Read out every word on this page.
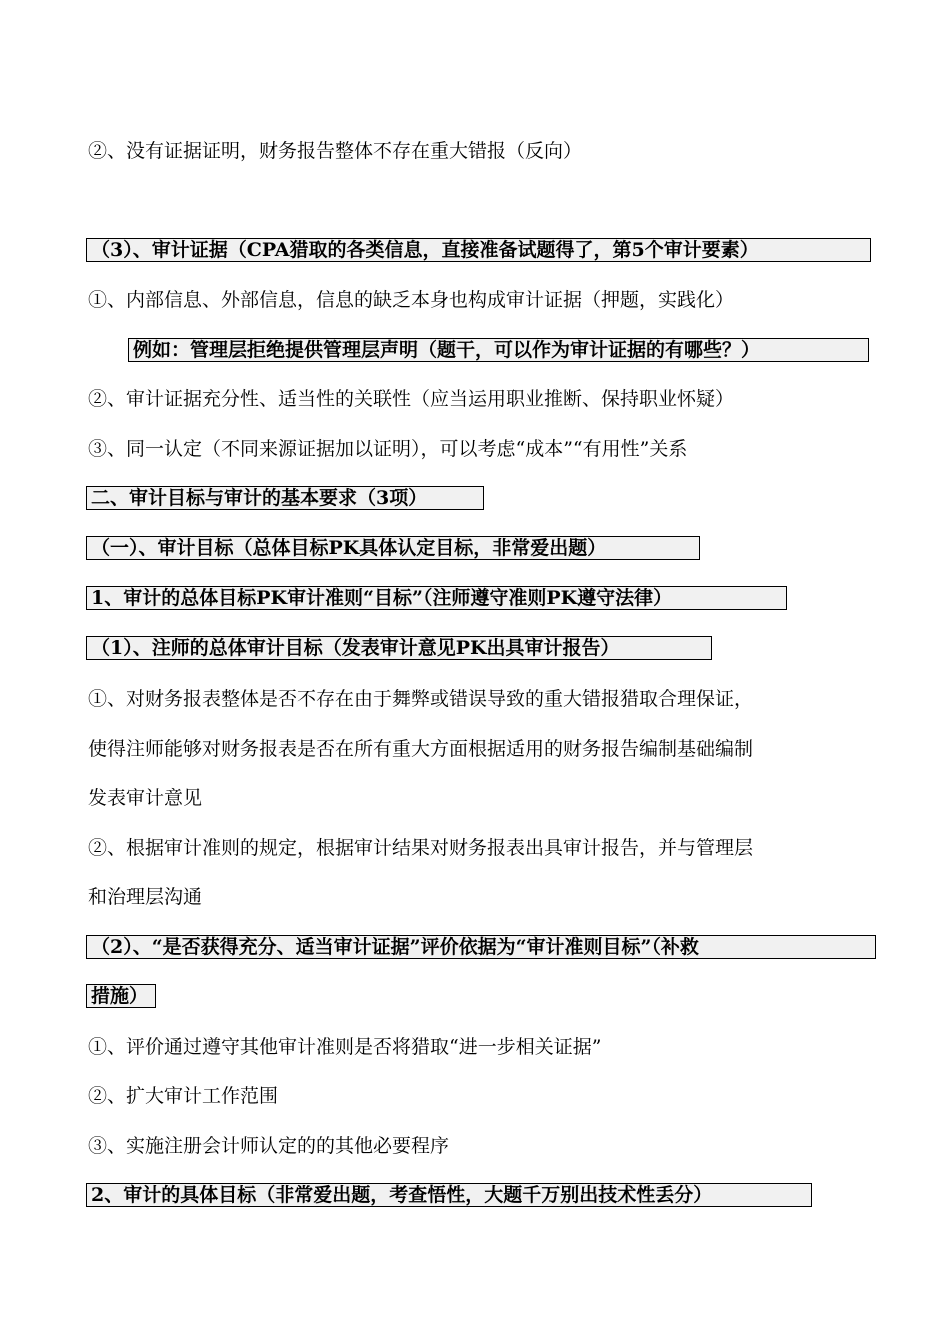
②、没有证据证明，财务报告整体不存在重大错报（反向）
（3）、审计证据（CPA猎取的各类信息，直接准备试题得了，第5个审计要素）
①、内部信息、外部信息，信息的缺乏本身也构成审计证据（押题，实践化）
例如：管理层拒绝提供管理层声明（题干，可以作为审计证据的有哪些？）
②、审计证据充分性、适当性的关联性（应当运用职业推断、保持职业怀疑）
③、同一认定（不同来源证据加以证明），可以考虑“成本”“有用性”关系
二、审计目标与审计的基本要求（3项）
（一）、审计目标（总体目标PK具体认定目标，非常爱出题）
1、审计的总体目标PK审计准则“目标”（注师遵守准则PK遵守法律）
（1）、注师的总体审计目标（发表审计意见PK出具审计报告）
①、对财务报表整体是否不存在由于舞弊或错误导致的重大错报猎取合理保证，
使得注师能够对财务报表是否在所有重大方面根据适用的财务报告编制基础编制
发表审计意见
②、根据审计准则的规定，根据审计结果对财务报表出具审计报告，并与管理层
和治理层沟通
（2）、“是否获得充分、适当审计证据”评价依据为“审计准则目标”（补救
措施）
①、评价通过遵守其他审计准则是否将猎取“进一步相关证据”
②、扩大审计工作范围
③、实施注册会计师认定的的其他必要程序
2、审计的具体目标（非常爱出题，考查悟性，大题千万别出技术性丢分）
